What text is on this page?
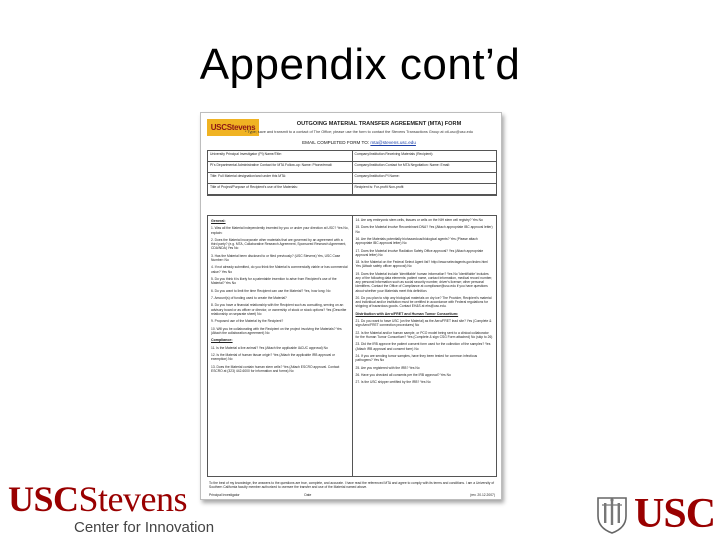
Appendix cont’d
USCStevens	OUTGOING MATERIAL TRANSFER AGREEMENT (MTA) FORM
* Type; save and transmit to a contact of The Office; please use the form to contact the Stevens Transactions Group at otl-usc@usc.edu
EMAIL COMPLETED FORM TO: mta@stevens.usc.edu
University Principal Investigator (PI) Name/Title:	Company/Institution Receiving Materials (Recipient):
PI's Departmental Administrative Contact for MTA Follow-up: Name: Phone/email:	Company/Institution Contact for MTA Negotiation: Name: Email:
Title: Full Material designation/and under this MTA:	Company/Institution PI Name:
Title of Project/Purpose of Recipient's use of the Materials:	Recipient is: For-profit Non-profit
General:
1. Was all the Material independently invented by you or under your direction at USC? Yes No, explain:
2. Does the Material incorporate other materials that are governed by an agreement with a third party? (e.g. MTA, Collaborative Research Agreement, Sponsored Research Agreement, CDA/NDA) Yes No
3. Has the Material been disclosed to or filed previously? (USC Stevens) Yes, USC Case Number: No
4. If not already submitted, do you think the Material is commercially viable or has commercial value? Yes No
5. Do you think it is likely for a patentable invention to arise from Recipient's use of the Material? Yes No
6. Do you want to limit the time Recipient can use the Material? Yes, how long: No
7. Amount(s) of funding used to create the Material?
8. Do you have a financial relationship with the Recipient such as consulting, serving on an advisory board or as officer or director, or ownership of stock or stock options? Yes (Describe relationship on separate sheet) No
9. Proposed use of the Material by the Recipient?
10. Will you be collaborating with the Recipient on the project involving the Materials? Yes (Attach the collaboration agreement) No
Compliance:
11. Is the Material a live animal? Yes (Attach the applicable IACUC approval) No
12. Is the Material of human tissue origin? Yes (Attach the applicable IRB approval or exemption) No
13. Does the Material contain human stem cells? Yes (Attach ESCRO approval. Contact ESCRO at (323) 442-6000 for information and forms) No
14. Are any embryonic stem cells, tissues or cells on the NIH stem cell registry? Yes No
15. Does the Material involve Recombinant DNA? Yes (Attach appropriate IBC approval letter) No
16. Are the Materials potentially biohazardous/biological agents? Yes (Please attach appropriate IBC approval letter) No
17. Does the Material involve Radiation Safety Office approval? Yes (Attach appropriate approval letter) No
18. Is the Material on the Federal Select Agent list? http://www.selectagents.gov/index.html Yes (Attach safety officer approval) No
19. Does the Material include 'identifiable' human information? Yes No 'Identifiable' includes any of the following data elements: patient name, contact information, medical record number, any personal information such as social security number, driver's license; other personal identifiers. Contact the Office of Compliance at compliance@usc.edu if you have questions about whether your Materials meet this definition.
20. Do you plan to ship any biological materials on dry ice? The Provider, Recipient's material and individual and/or institution must be certified in accordance with Federal regulations for shipping of hazardous goods. Contact EH&S at ehs@usc.edu.
Distribution with Aero/FRET and Human Tumor Consortium:
21. Do you want to have USC (on the Material) as the Aero/FRET lead site? Yes (Complete & sign Aero/FRET connection procedures) No
22. Is the Material and/or human sample, or PCO model being sent to a clinical collaborator for the Human Tumor Consortium? Yes (Complete & sign CSG Form attached) No (skip to 26)
23. Did the IRB approve the patient consent form used for the collection of the samples? Yes (Attach IRB approval and consent form) No
24. If you are sending tumor samples, have they been tested for common infectious pathogens? Yes No
25. Are you registered with the IRB? Yes No
26. Have you checked all consents per the IRB approval? Yes No
27. Is the USC shipper certified by the IRB? Yes No
To the best of my knowledge, the answers to the questions are true, complete, and accurate. I have read the referenced MTA and agree to comply with its terms and conditions. I am a University of Southern California faculty member authorized to oversee the transfer and use of the Material named above.
Principal Investigator	Date	(rev. 20.12.2007)
USCStevens
Center for Innovation	USC
